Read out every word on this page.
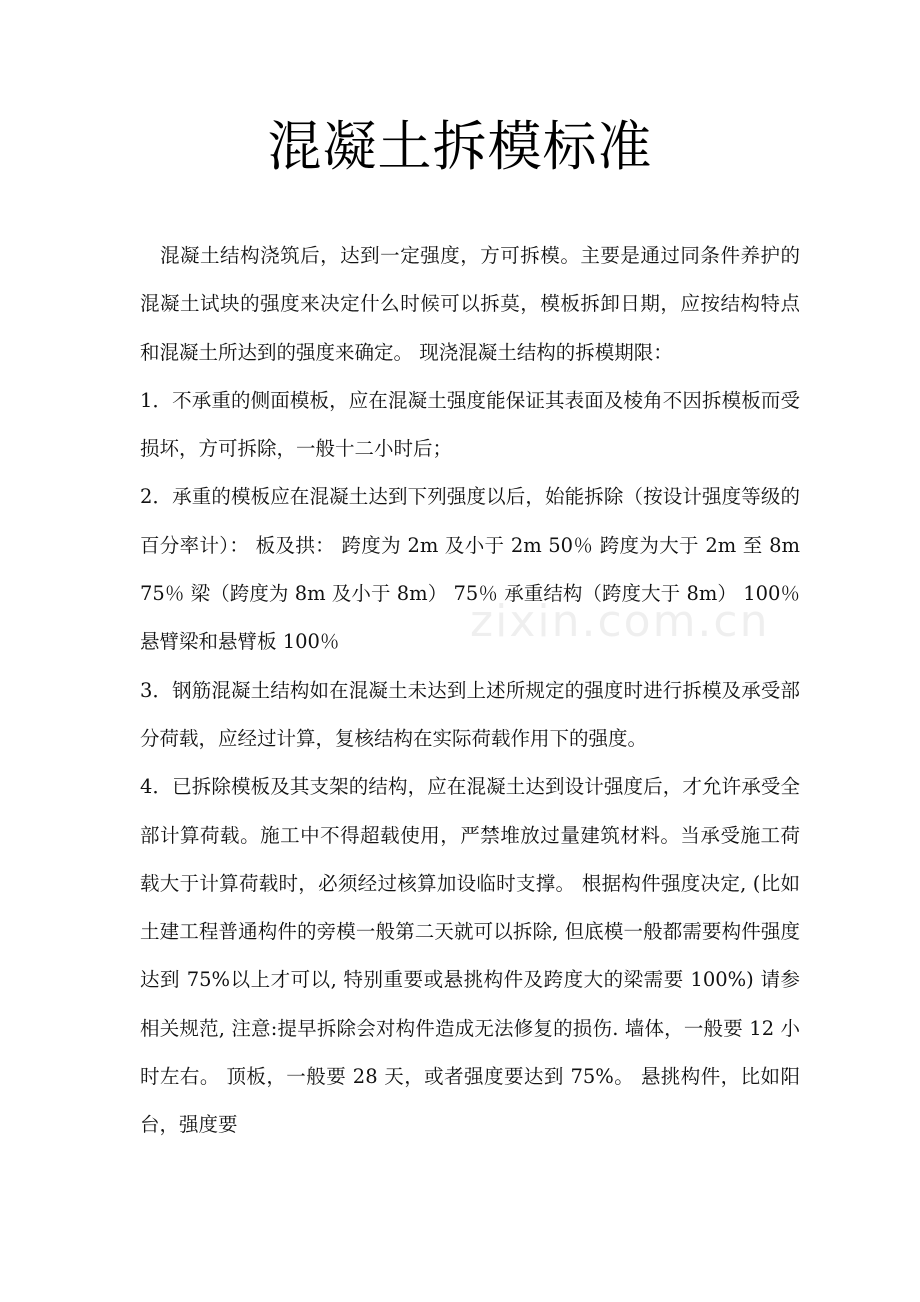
混凝土拆模标准

　混凝土结构浇筑后，达到一定强度，方可拆模。主要是通过同条件养护的混凝土试块的强度来决定什么时候可以拆莫，模板拆卸日期，应按结构特点和混凝土所达到的强度来确定。 现浇混凝土结构的拆模期限：

1．不承重的侧面模板，应在混凝土强度能保证其表面及棱角不因拆模板而受损坏，方可拆除，一般十二小时后；

2．承重的模板应在混凝土达到下列强度以后，始能拆除（按设计强度等级的百分率计）： 板及拱： 跨度为 2m 及小于 2m 50％ 跨度为大于 2m 至 8m 75％ 梁（跨度为 8m 及小于 8m） 75％ 承重结构（跨度大于 8m） 100％ 悬臂梁和悬臂板 100％

3．钢筋混凝土结构如在混凝土未达到上述所规定的强度时进行拆模及承受部分荷载，应经过计算，复核结构在实际荷载作用下的强度。

4．已拆除模板及其支架的结构，应在混凝土达到设计强度后，才允许承受全部计算荷载。施工中不得超载使用，严禁堆放过量建筑材料。当承受施工荷载大于计算荷载时，必须经过核算加设临时支撑。 根据构件强度决定, (比如土建工程普通构件的旁模一般第二天就可以拆除, 但底模一般都需要构件强度达到 75%以上才可以, 特别重要或悬挑构件及跨度大的梁需要 100%) 请参相关规范, 注意:提早拆除会对构件造成无法修复的损伤. 墙体，一般要 12 小时左右。 顶板，一般要 28 天，或者强度要达到 75%。 悬挑构件，比如阳台，强度要

zixin.com.cn
